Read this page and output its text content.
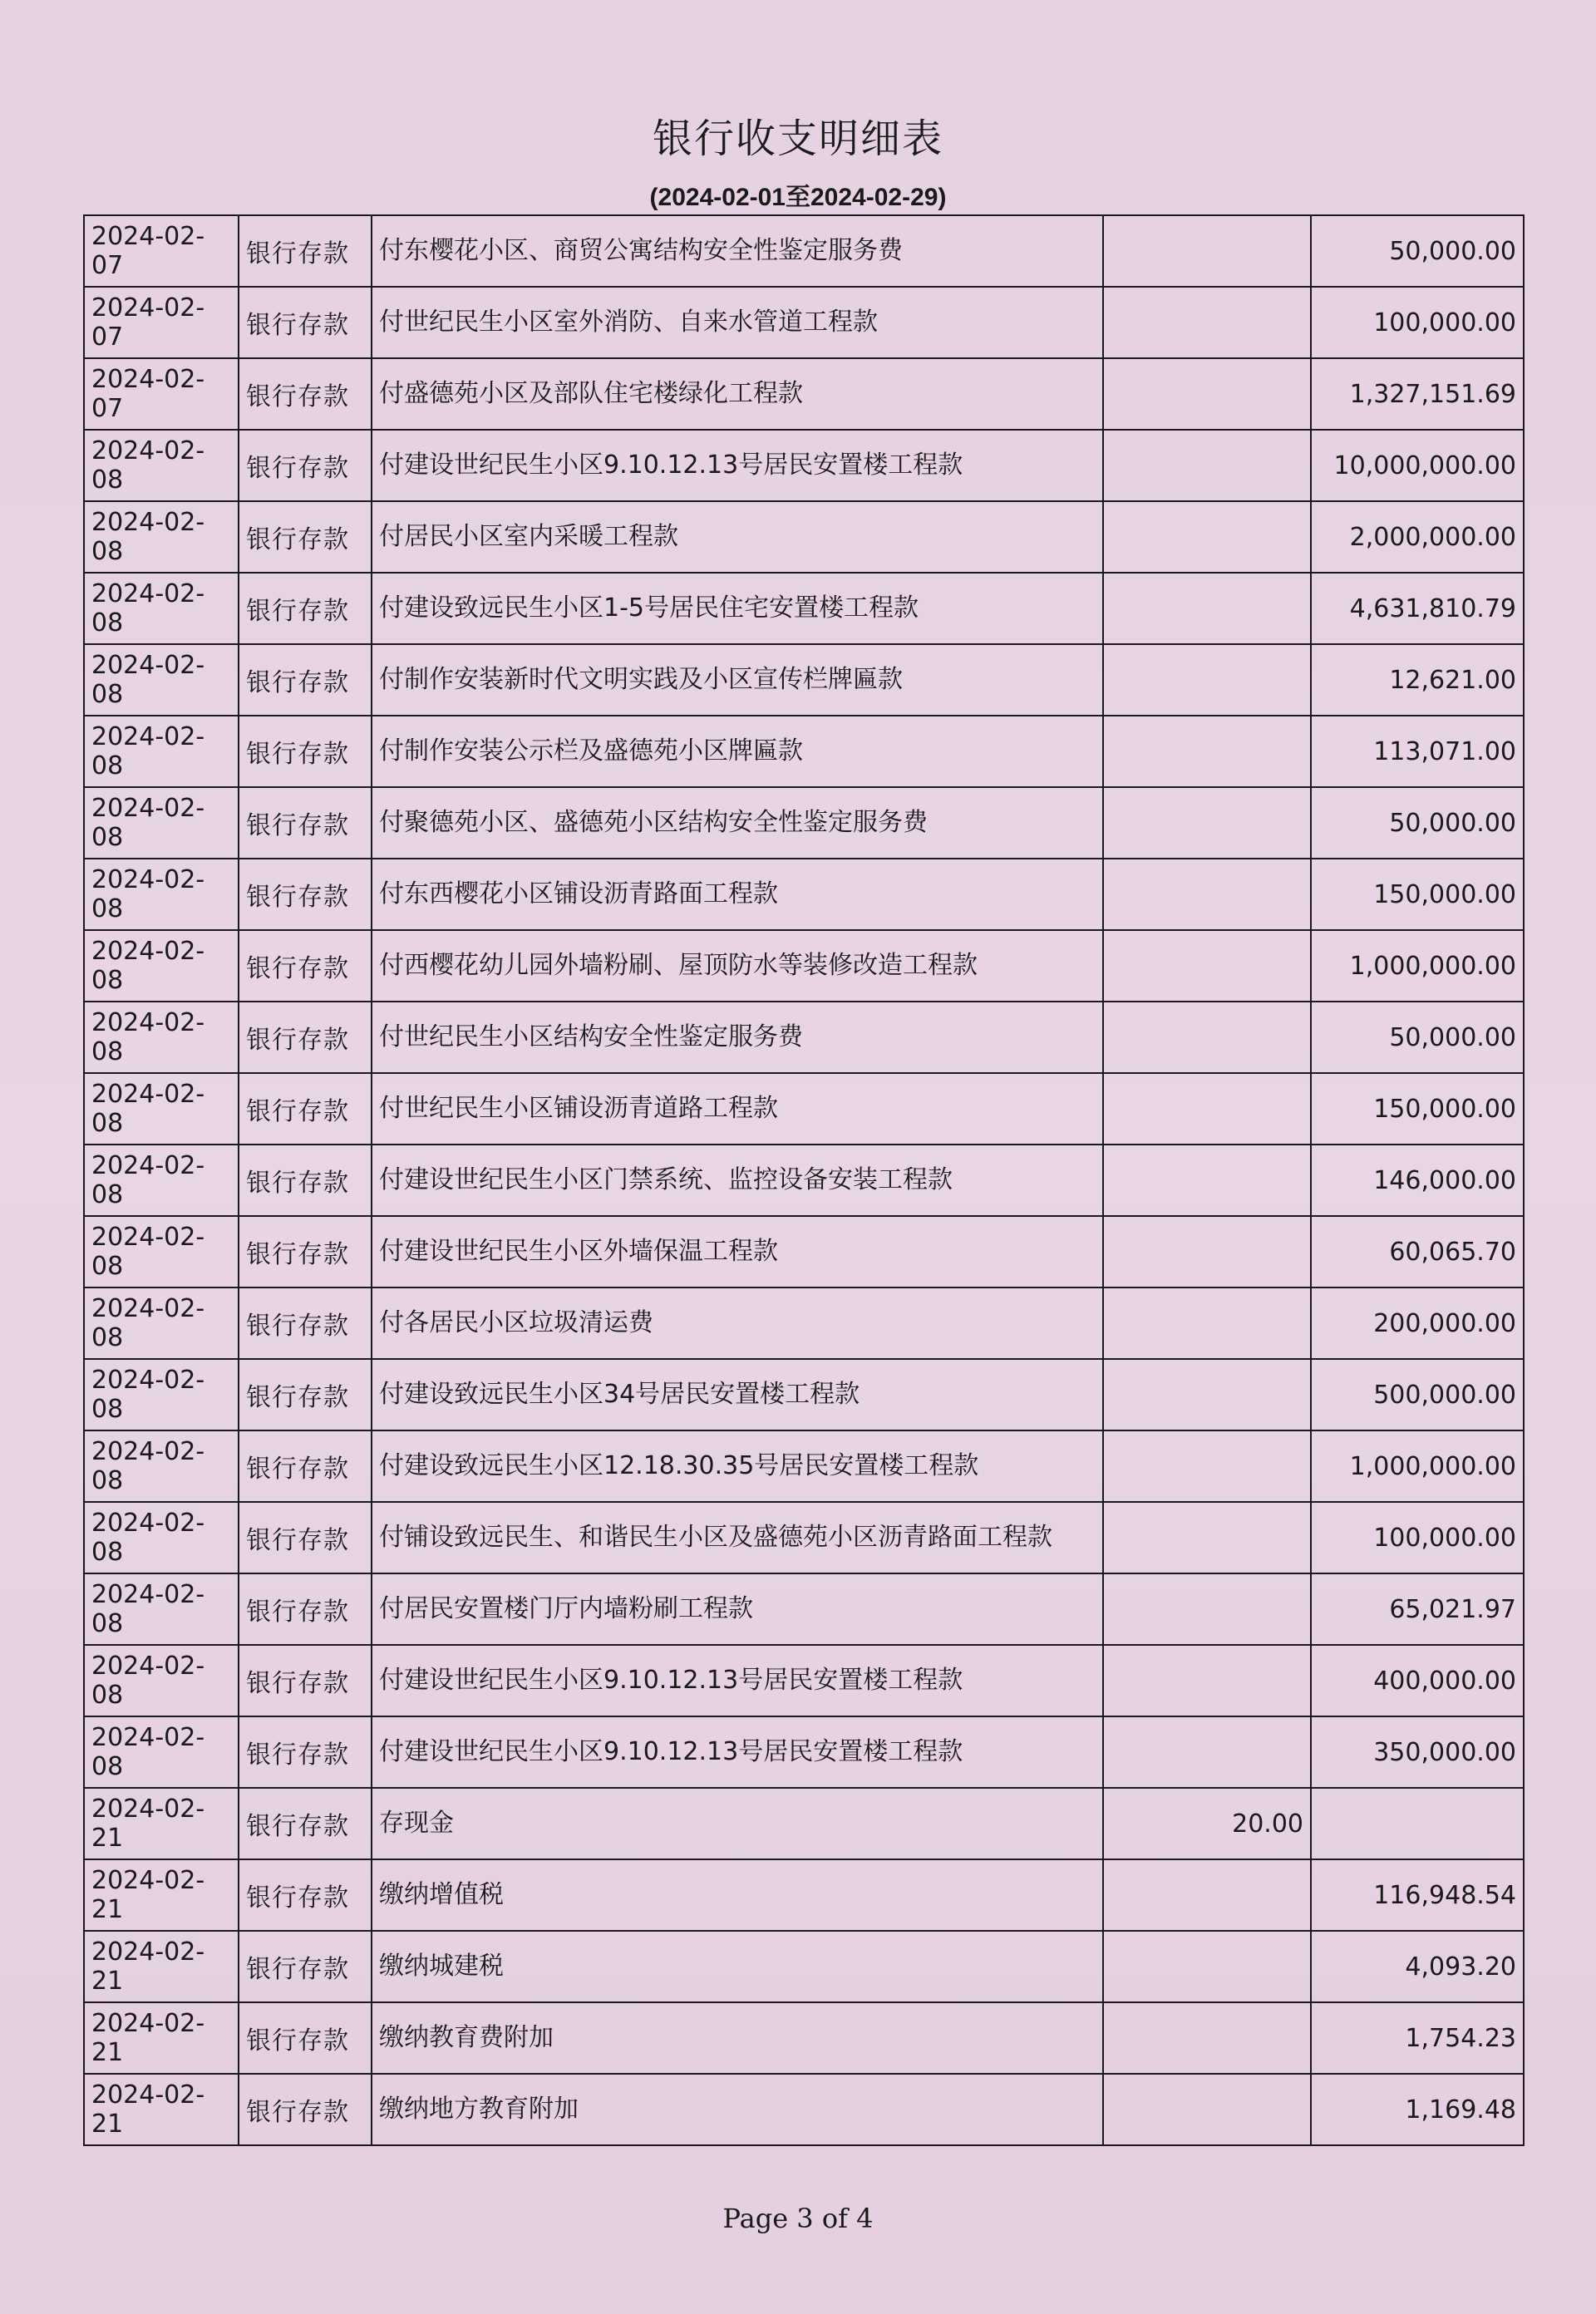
银行收支明细表
(2024-02-01至2024-02-29)
2024-02-07	银行存款	付东樱花小区、商贸公寓结构安全性鉴定服务费		50,000.00
2024-02-07	银行存款	付世纪民生小区室外消防、自来水管道工程款		100,000.00
2024-02-07	银行存款	付盛德苑小区及部队住宅楼绿化工程款		1,327,151.69
2024-02-08	银行存款	付建设世纪民生小区9.10.12.13号居民安置楼工程款		10,000,000.00
2024-02-08	银行存款	付居民小区室内采暖工程款		2,000,000.00
2024-02-08	银行存款	付建设致远民生小区1-5号居民住宅安置楼工程款		4,631,810.79
2024-02-08	银行存款	付制作安装新时代文明实践及小区宣传栏牌匾款		12,621.00
2024-02-08	银行存款	付制作安装公示栏及盛德苑小区牌匾款		113,071.00
2024-02-08	银行存款	付聚德苑小区、盛德苑小区结构安全性鉴定服务费		50,000.00
2024-02-08	银行存款	付东西樱花小区铺设沥青路面工程款		150,000.00
2024-02-08	银行存款	付西樱花幼儿园外墙粉刷、屋顶防水等装修改造工程款		1,000,000.00
2024-02-08	银行存款	付世纪民生小区结构安全性鉴定服务费		50,000.00
2024-02-08	银行存款	付世纪民生小区铺设沥青道路工程款		150,000.00
2024-02-08	银行存款	付建设世纪民生小区门禁系统、监控设备安装工程款		146,000.00
2024-02-08	银行存款	付建设世纪民生小区外墙保温工程款		60,065.70
2024-02-08	银行存款	付各居民小区垃圾清运费		200,000.00
2024-02-08	银行存款	付建设致远民生小区34号居民安置楼工程款		500,000.00
2024-02-08	银行存款	付建设致远民生小区12.18.30.35号居民安置楼工程款		1,000,000.00
2024-02-08	银行存款	付铺设致远民生、和谐民生小区及盛德苑小区沥青路面工程款		100,000.00
2024-02-08	银行存款	付居民安置楼门厅内墙粉刷工程款		65,021.97
2024-02-08	银行存款	付建设世纪民生小区9.10.12.13号居民安置楼工程款		400,000.00
2024-02-08	银行存款	付建设世纪民生小区9.10.12.13号居民安置楼工程款		350,000.00
2024-02-21	银行存款	存现金	20.00	
2024-02-21	银行存款	缴纳增值税		116,948.54
2024-02-21	银行存款	缴纳城建税		4,093.20
2024-02-21	银行存款	缴纳教育费附加		1,754.23
2024-02-21	银行存款	缴纳地方教育附加		1,169.48
Page 3 of 4
